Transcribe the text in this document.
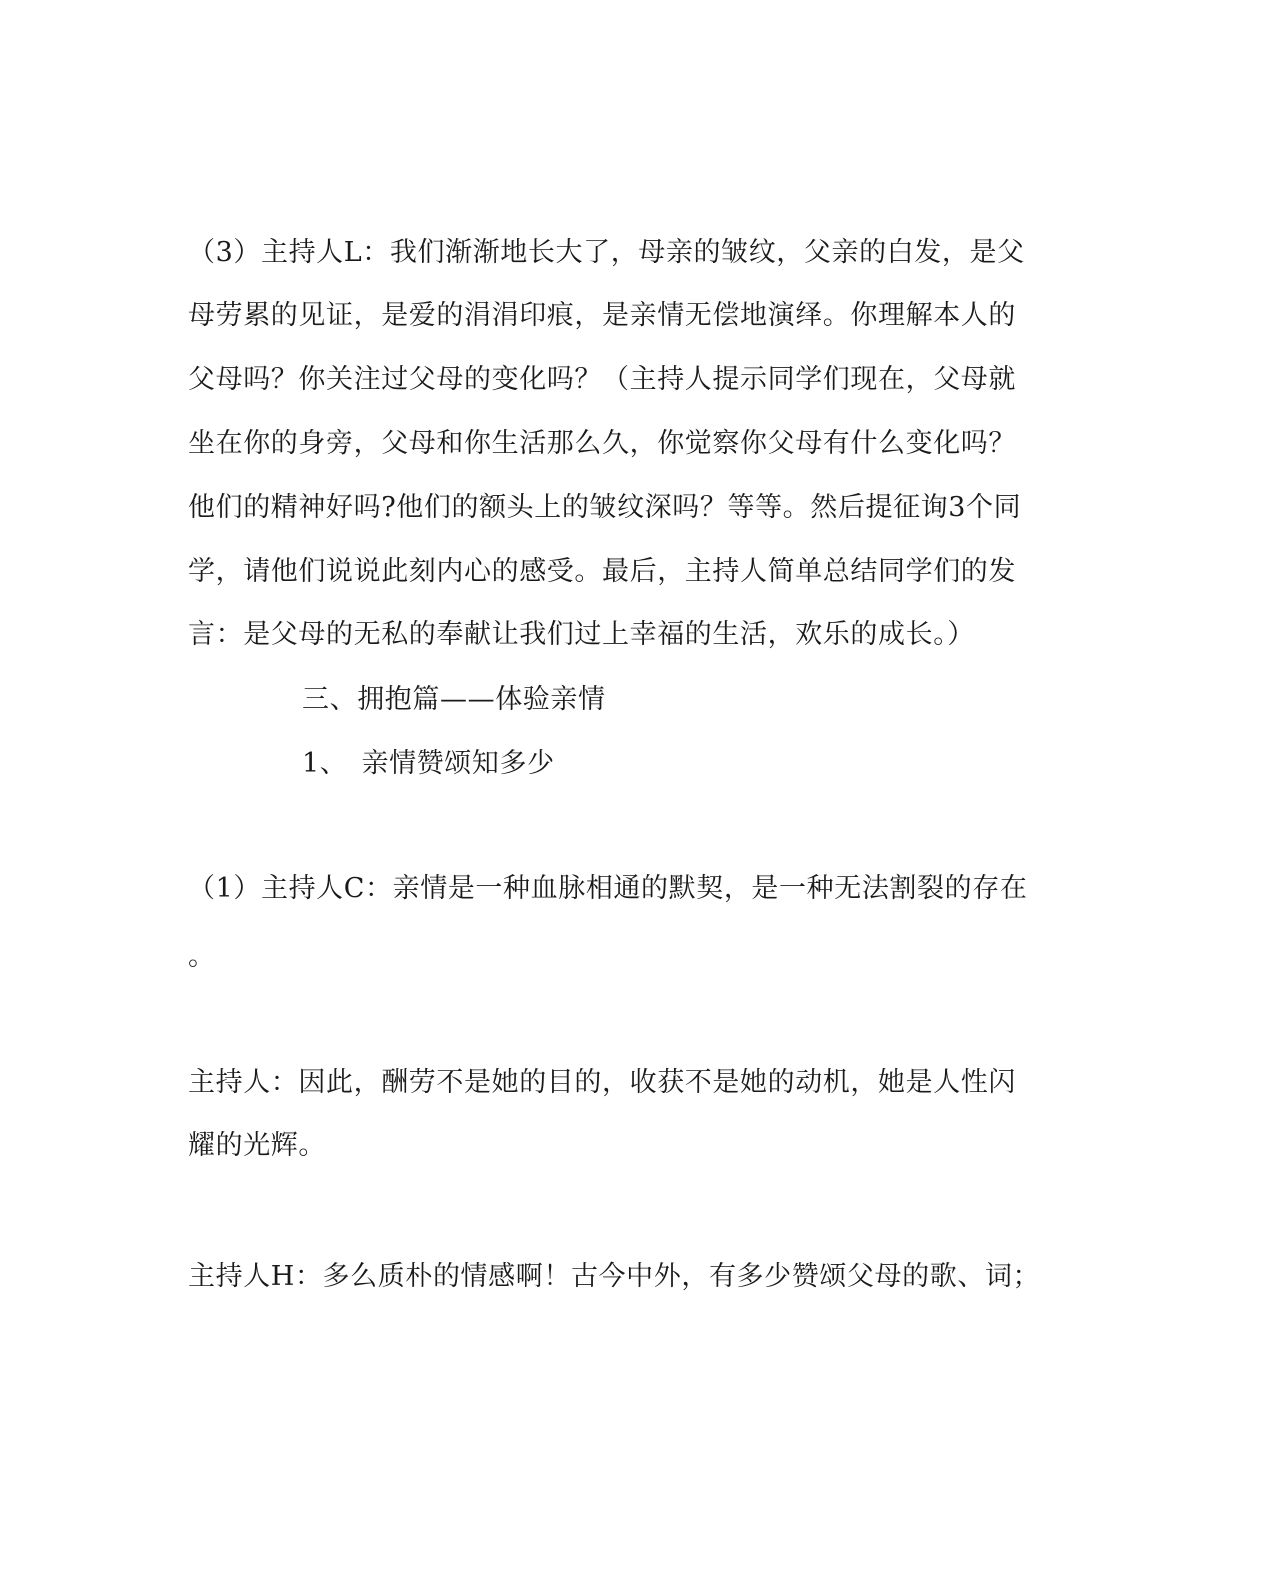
（3）主持人L：我们渐渐地长大了，母亲的皱纹，父亲的白发，是父
母劳累的见证，是爱的涓涓印痕，是亲情无偿地演绎。你理解本人的
父母吗？你关注过父母的变化吗？（主持人提示同学们现在，父母就
坐在你的身旁，父母和你生活那么久，你觉察你父母有什么变化吗？
他们的精神好吗?他们的额头上的皱纹深吗？等等。然后提征询3个同
学，请他们说说此刻内心的感受。最后，主持人简单总结同学们的发
言：是父母的无私的奉献让我们过上幸福的生活，欢乐的成长。）
三、拥抱篇——体验亲情
1、　亲情赞颂知多少
（1）主持人C：亲情是一种血脉相通的默契，是一种无法割裂的存在
。
主持人：因此，酬劳不是她的目的，收获不是她的动机，她是人性闪
耀的光辉。
主持人H：多么质朴的情感啊！古今中外，有多少赞颂父母的歌、词；
